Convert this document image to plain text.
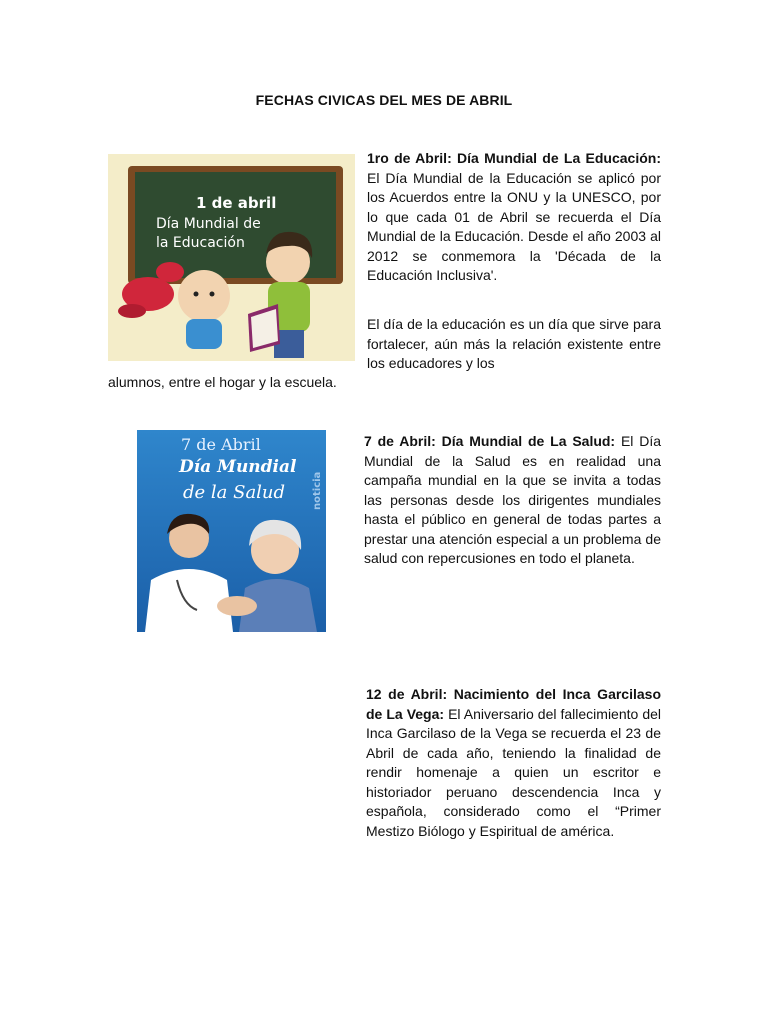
FECHAS CIVICAS DEL MES DE ABRIL
1 de abril
Día Mundial de
la Educación
1ro de Abril: Día Mundial de La Educación: El Día Mundial de la Educación se aplicó por los Acuerdos entre la ONU y la UNESCO, por lo que cada 01 de Abril se recuerda el Día Mundial de la Educación. Desde el año 2003 al 2012 se conmemora la 'Década de la Educación Inclusiva'.
El día de la educación es un día que sirve para fortalecer, aún más la relación existente entre los educadores y los
alumnos, entre el hogar y la escuela.
7 de Abril
Día Mundial
de la Salud	noticia
7 de Abril: Día Mundial de La Salud: El Día Mundial de la Salud es en realidad una campaña mundial en la que se invita a todas las personas desde los dirigentes mundiales hasta el público en general de todas partes a prestar una atención especial a un problema de salud con repercusiones en todo el planeta.
12 de Abril: Nacimiento del Inca Garcilaso de La Vega: El Aniversario del fallecimiento del Inca Garcilaso de la Vega se recuerda el 23 de Abril de cada año, teniendo la finalidad de rendir homenaje a quien un escritor e historiador peruano descendencia Inca y española, considerado como el “Primer Mestizo Biólogo y Espiritual de américa.
